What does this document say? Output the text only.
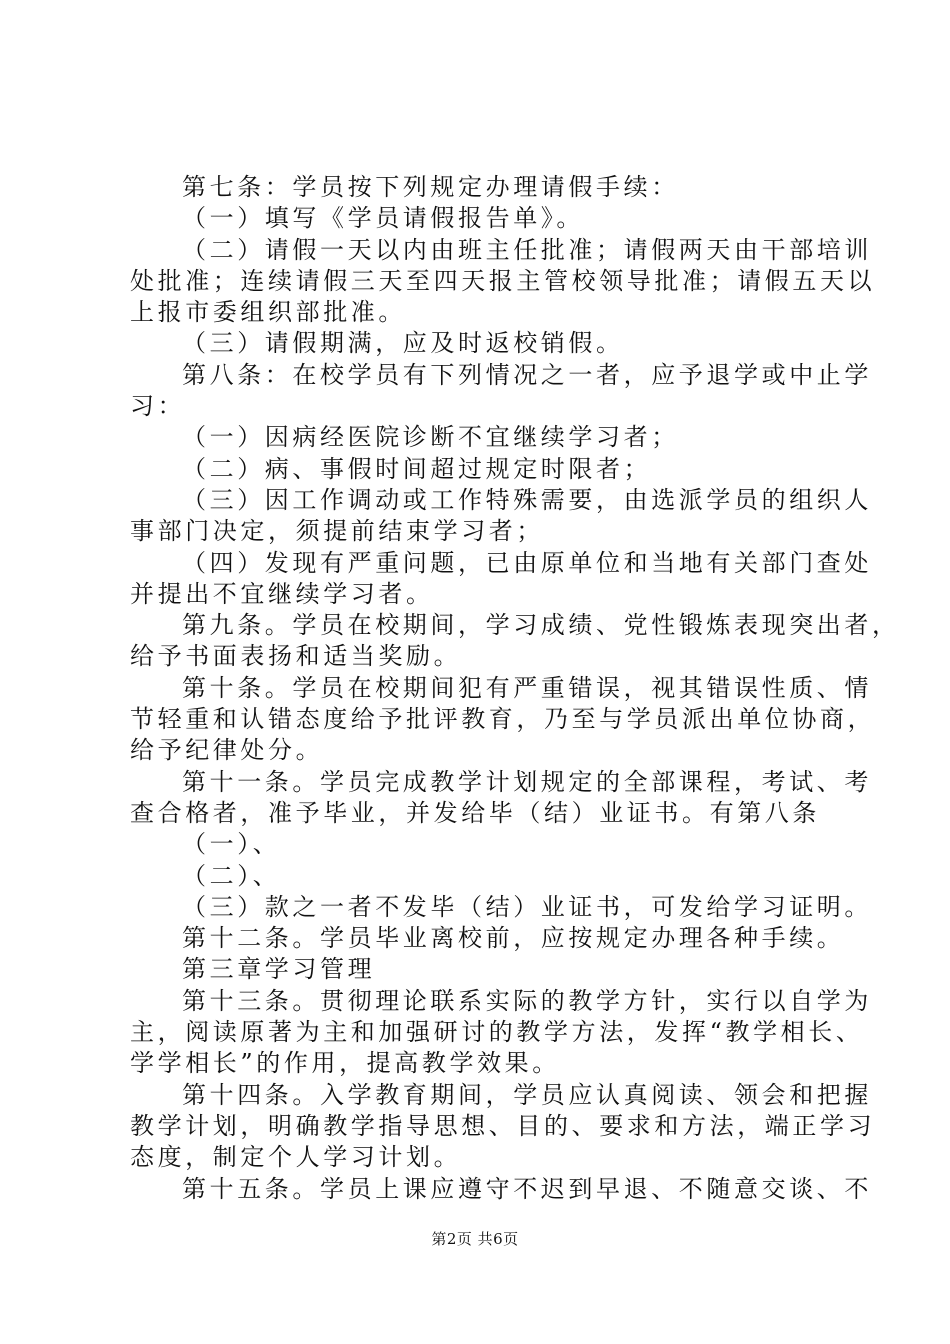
第七条：学员按下列规定办理请假手续：
（一）填写《学员请假报告单》。
（二）请假一天以内由班主任批准；请假两天由干部培训
处批准；连续请假三天至四天报主管校领导批准；请假五天以
上报市委组织部批准。
（三）请假期满，应及时返校销假。
第八条：在校学员有下列情况之一者，应予退学或中止学
习：
（一）因病经医院诊断不宜继续学习者；
（二）病、事假时间超过规定时限者；
（三）因工作调动或工作特殊需要，由选派学员的组织人
事部门决定，须提前结束学习者；
（四）发现有严重问题，已由原单位和当地有关部门查处
并提出不宜继续学习者。
第九条。学员在校期间，学习成绩、党性锻炼表现突出者，
给予书面表扬和适当奖励。
第十条。学员在校期间犯有严重错误，视其错误性质、情
节轻重和认错态度给予批评教育，乃至与学员派出单位协商，
给予纪律处分。
第十一条。学员完成教学计划规定的全部课程，考试、考
查合格者，准予毕业，并发给毕（结）业证书。有第八条
（一）、
（二）、
（三）款之一者不发毕（结）业证书，可发给学习证明。
第十二条。学员毕业离校前，应按规定办理各种手续。
第三章学习管理
第十三条。贯彻理论联系实际的教学方针，实行以自学为
主，阅读原著为主和加强研讨的教学方法，发挥“教学相长、
学学相长”的作用，提高教学效果。
第十四条。入学教育期间，学员应认真阅读、领会和把握
教学计划，明确教学指导思想、目的、要求和方法，端正学习
态度，制定个人学习计划。
第十五条。学员上课应遵守不迟到早退、不随意交谈、不
第2页 共6页
